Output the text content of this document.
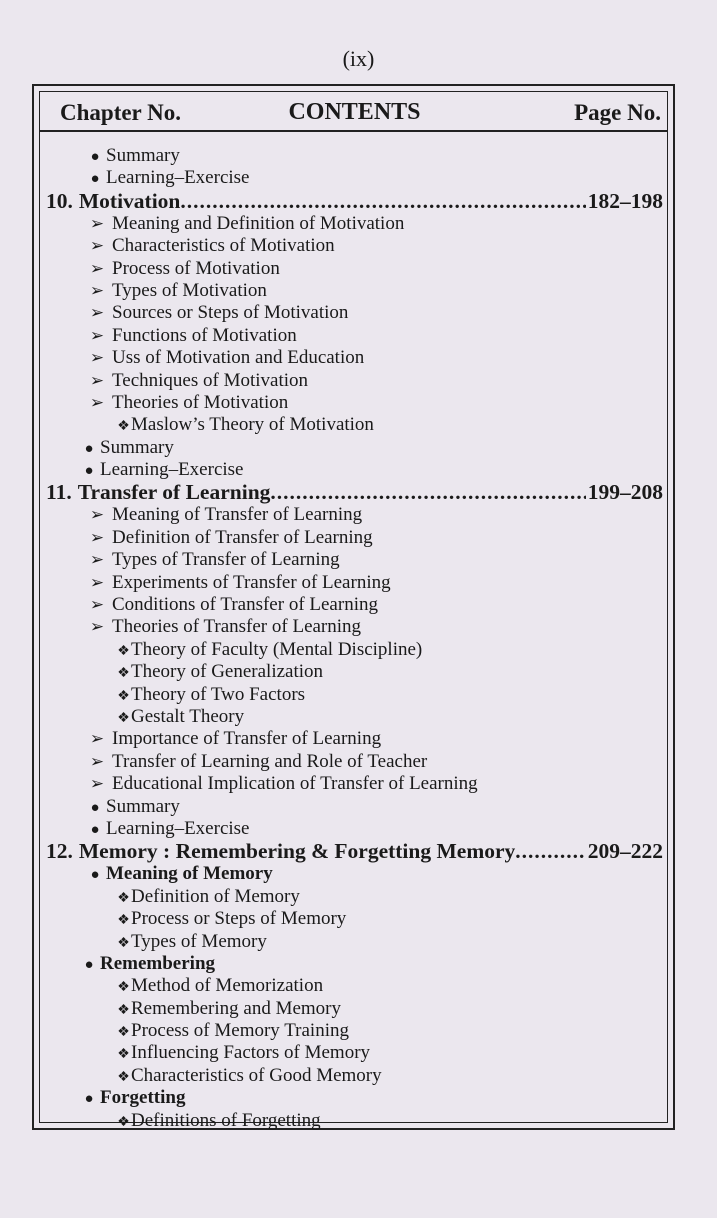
(ix)
Chapter No.	CONTENTS	Page No.
● Summary
● Learning–Exercise
10. Motivation .....	182–198
➢ Meaning and Definition of Motivation
➢ Characteristics of Motivation
➢ Process of Motivation
➢ Types of Motivation
➢ Sources or Steps of Motivation
➢ Functions of Motivation
➢ Uss of Motivation and Education
➢ Techniques of Motivation
➢ Theories of Motivation
❖Maslow’s Theory of Motivation
● Summary
● Learning–Exercise
11. Transfer of Learning .....	199–208
➢ Meaning of Transfer of Learning
➢ Definition of Transfer of Learning
➢ Types of Transfer of Learning
➢ Experiments of Transfer of Learning
➢ Conditions of Transfer of Learning
➢ Theories of Transfer of Learning
❖Theory of Faculty (Mental Discipline)
❖Theory of Generalization
❖Theory of Two Factors
❖Gestalt Theory
➢ Importance of Transfer of Learning
➢ Transfer of Learning and Role of Teacher
➢ Educational Implication of Transfer of Learning
● Summary
● Learning–Exercise
12. Memory : Remembering & Forgetting Memory .....	209–222
● Meaning of Memory
❖Definition of Memory
❖Process or Steps of Memory
❖Types of Memory
● Remembering
❖Method of Memorization
❖Remembering and Memory
❖Process of Memory Training
❖Influencing Factors of Memory
❖Characteristics of Good Memory
● Forgetting
❖Definitions of Forgetting
